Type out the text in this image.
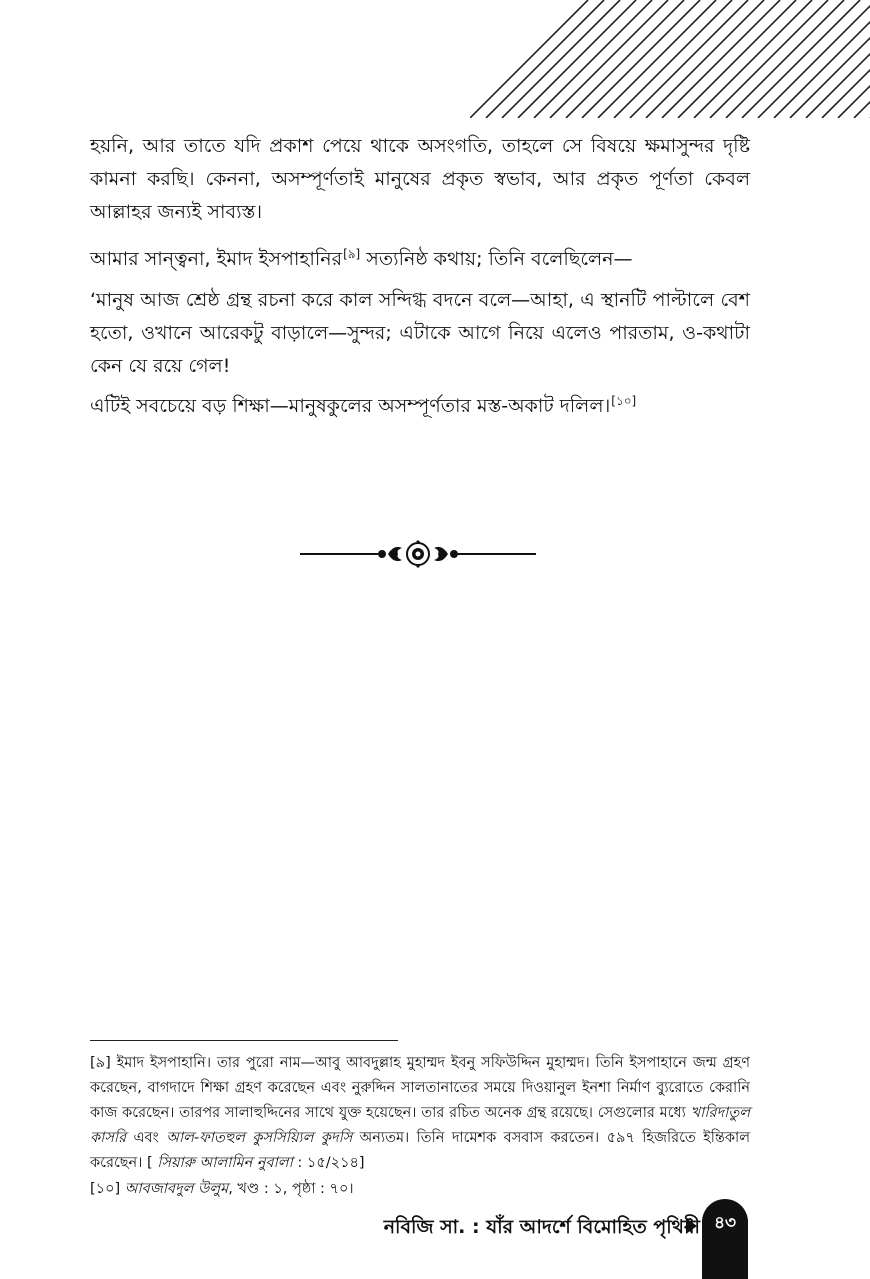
হয়নি, আর তাতে যদি প্রকাশ পেয়ে থাকে অসংগতি, তাহলে সে বিষয়ে ক্ষমাসুন্দর দৃষ্টি কামনা করছি। কেননা, অসম্পূর্ণতাই মানুষের প্রকৃত স্বভাব, আর প্রকৃত পূর্ণতা কেবল আল্লাহর জন্যই সাব্যস্ত।
আমার সান্ত্বনা, ইমাদ ইসপাহানির[৯] সত্যনিষ্ঠ কথায়; তিনি বলেছিলেন—
‘মানুষ আজ শ্রেষ্ঠ গ্রন্থ রচনা করে কাল সন্দিগ্ধ বদনে বলে—আহা, এ স্থানটি পাল্টালে বেশ হতো, ওখানে আরেকটু বাড়ালে—সুন্দর; এটাকে আগে নিয়ে এলেও পারতাম, ও-কথাটা কেন যে রয়ে গেল!
এটিই সবচেয়ে বড় শিক্ষা—মানুষকুলের অসম্পূর্ণতার মস্ত-অকাট দলিল।[১০]
[৯] ইমাদ ইসপাহানি। তার পুরো নাম—আবু আবদুল্লাহ মুহাম্মদ ইবনু সফিউদ্দিন মুহাম্মদ। তিনি ইসপাহানে জন্ম গ্রহণ করেছেন, বাগদাদে শিক্ষা গ্রহণ করেছেন এবং নুরুদ্দিন সালতানাতের সময়ে দিওয়ানুল ইনশা নির্মাণ ব্যুরোতে কেরানি কাজ করেছেন। তারপর সালাহুদ্দিনের সাথে যুক্ত হয়েছেন। তার রচিত অনেক গ্রন্থ রয়েছে। সেগুলোর মধ্যে খারিদাতুল কাসরি এবং আল-ফাতহুল কুসসিয়্যিল কুদসি অন্যতম। তিনি দামেশক বসবাস করতেন। ৫৯৭ হিজরিতে ইন্তিকাল করেছেন। [ সিয়ারু আলামিন নুবালা : ১৫/২১৪]
[১০] আবজাবদুল উলুম, খণ্ড : ১, পৃষ্ঠা : ৭০।
নবিজি সা. : যাঁর আদর্শে বিমোহিত পৃথিবী ৪৩
